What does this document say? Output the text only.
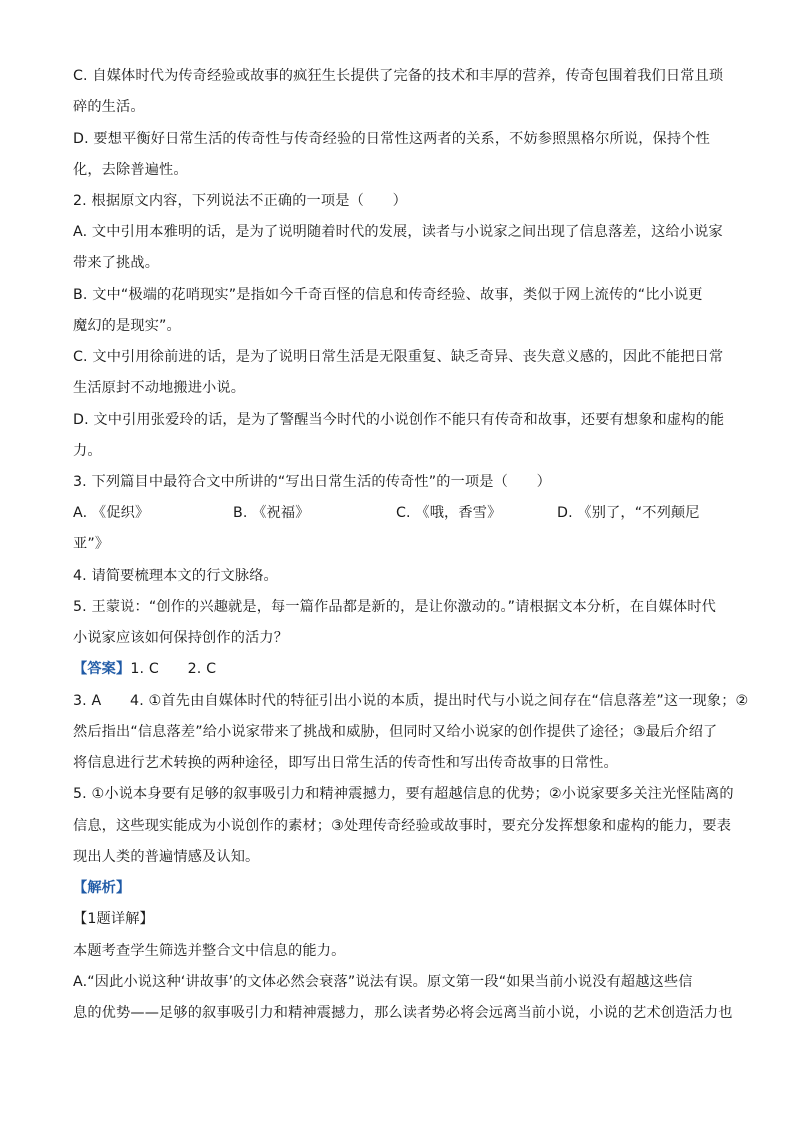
C. 自媒体时代为传奇经验或故事的疯狂生长提供了完备的技术和丰厚的营养，传奇包围着我们日常且琐
碎的生活。
D. 要想平衡好日常生活的传奇性与传奇经验的日常性这两者的关系，不妨参照黑格尔所说，保持个性
化，去除普遍性。
2. 根据原文内容，下列说法不正确的一项是（　　）
A. 文中引用本雅明的话，是为了说明随着时代的发展，读者与小说家之间出现了信息落差，这给小说家
带来了挑战。
B. 文中“极端的花哨现实”是指如今千奇百怪的信息和传奇经验、故事，类似于网上流传的“比小说更
魔幻的是现实”。
C. 文中引用徐前进的话，是为了说明日常生活是无限重复、缺乏奇异、丧失意义感的，因此不能把日常
生活原封不动地搬进小说。
D. 文中引用张爱玲的话，是为了警醒当今时代的小说创作不能只有传奇和故事，还要有想象和虚构的能
力。
3. 下列篇目中最符合文中所讲的“写出日常生活的传奇性”的一项是（　　）
A. 《促织》	B. 《祝福》	C. 《哦，香雪》	D. 《别了，“不列颠尼
亚”》
4. 请简要梳理本文的行文脉络。
5. 王蒙说：“创作的兴趣就是，每一篇作品都是新的，是让你激动的。”请根据文本分析，在自媒体时代
小说家应该如何保持创作的活力？
【答案】1. C　　2. C
3. A　　4. ①首先由自媒体时代的特征引出小说的本质，提出时代与小说之间存在“信息落差”这一现象；②
然后指出“信息落差”给小说家带来了挑战和威胁，但同时又给小说家的创作提供了途径；③最后介绍了
将信息进行艺术转换的两种途径，即写出日常生活的传奇性和写出传奇故事的日常性。
5. ①小说本身要有足够的叙事吸引力和精神震撼力，要有超越信息的优势；②小说家要多关注光怪陆离的
信息，这些现实能成为小说创作的素材；③处理传奇经验或故事时，要充分发挥想象和虚构的能力，要表
现出人类的普遍情感及认知。
【解析】
【1题详解】
本题考查学生筛选并整合文中信息的能力。
A.“因此小说这种‘讲故事’的文体必然会衰落”说法有误。原文第一段“如果当前小说没有超越这些信
息的优势——足够的叙事吸引力和精神震撼力，那么读者势必将会远离当前小说，小说的艺术创造活力也
